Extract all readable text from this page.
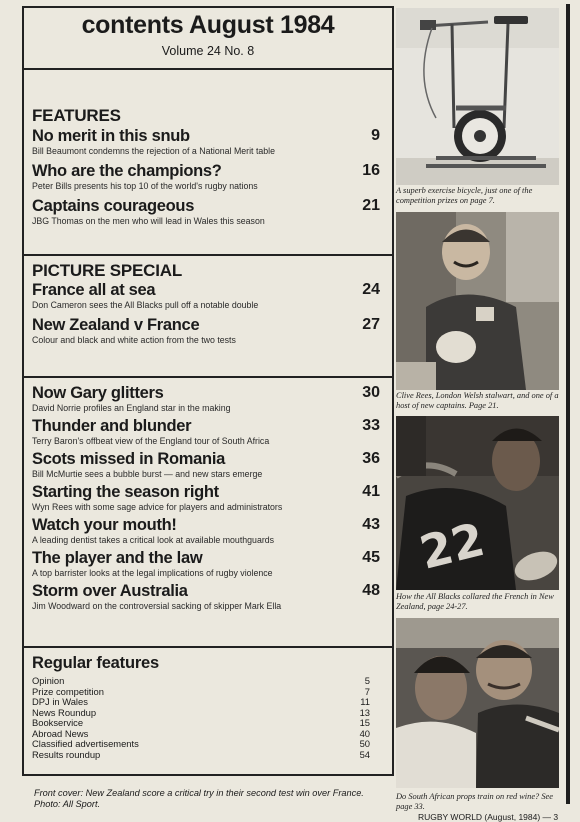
contents August 1984
Volume 24 No. 8
FEATURES
No merit in this snub	9
Bill Beaumont condemns the rejection of a National Merit table
Who are the champions?	16
Peter Bills presents his top 10 of the world's rugby nations
Captains courageous	21
JBG Thomas on the men who will lead in Wales this season
PICTURE SPECIAL
France all at sea	24
Don Cameron sees the All Blacks pull off a notable double
New Zealand v France	27
Colour and black and white action from the two tests
Now Gary glitters	30
David Norrie profiles an England star in the making
Thunder and blunder	33
Terry Baron's offbeat view of the England tour of South Africa
Scots missed in Romania	36
Bill McMurtie sees a bubble burst — and new stars emerge
Starting the season right	41
Wyn Rees with some sage advice for players and administrators
Watch your mouth!	43
A leading dentist takes a critical look at available mouthguards
The player and the law	45
A top barrister looks at the legal implications of rugby violence
Storm over Australia	48
Jim Woodward on the controversial sacking of skipper Mark Ella
Regular features
Opinion	5
Prize competition	7
DPJ in Wales	11
News Roundup	13
Bookservice	15
Abroad News	40
Classified advertisements	50
Results roundup	54
Front cover: New Zealand score a critical try in their second test win over France. Photo: All Sport.
RUGBY WORLD (August, 1984) — 3
A superb exercise bicycle, just one of the competition prizes on page 7.
Clive Rees, London Welsh stalwart, and one of a host of new captains. Page 21.
22
How the All Blacks collared the French in New Zealand, page 24-27.
Do South African props train on red wine? See page 33.
